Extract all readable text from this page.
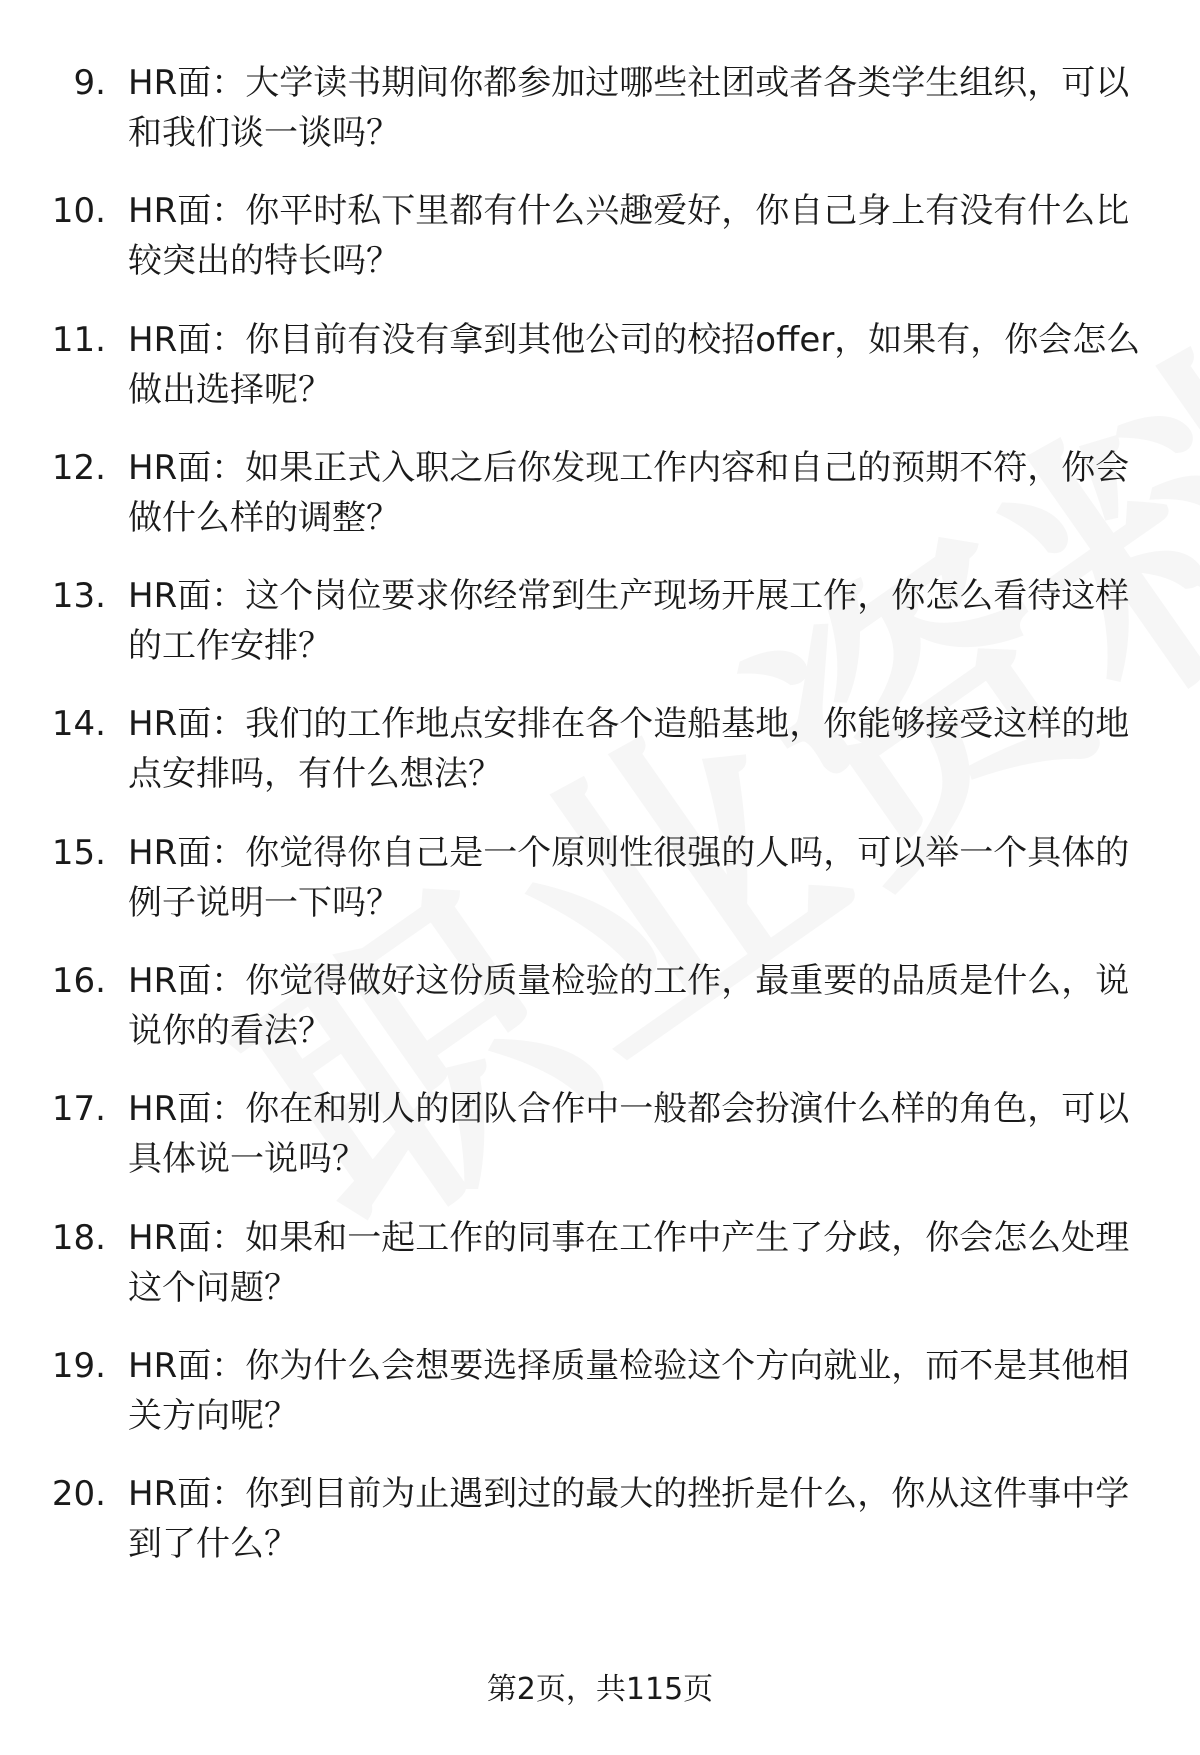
9. HR面：大学读书期间你都参加过哪些社团或者各类学生组织，可以和我们谈一谈吗？

10. HR面：你平时私下里都有什么兴趣爱好，你自己身上有没有什么比较突出的特长吗？

11. HR面：你目前有没有拿到其他公司的校招offer，如果有，你会怎么做出选择呢？

12. HR面：如果正式入职之后你发现工作内容和自己的预期不符，你会做什么样的调整？

13. HR面：这个岗位要求你经常到生产现场开展工作，你怎么看待这样的工作安排？

14. HR面：我们的工作地点安排在各个造船基地，你能够接受这样的地点安排吗，有什么想法？

15. HR面：你觉得你自己是一个原则性很强的人吗，可以举一个具体的例子说明一下吗？

16. HR面：你觉得做好这份质量检验的工作，最重要的品质是什么，说说你的看法？

17. HR面：你在和别人的团队合作中一般都会扮演什么样的角色，可以具体说一说吗？

18. HR面：如果和一起工作的同事在工作中产生了分歧，你会怎么处理这个问题？

19. HR面：你为什么会想要选择质量检验这个方向就业，而不是其他相关方向呢？

20. HR面：你到目前为止遇到过的最大的挫折是什么，你从这件事中学到了什么？

第2页，共115页
